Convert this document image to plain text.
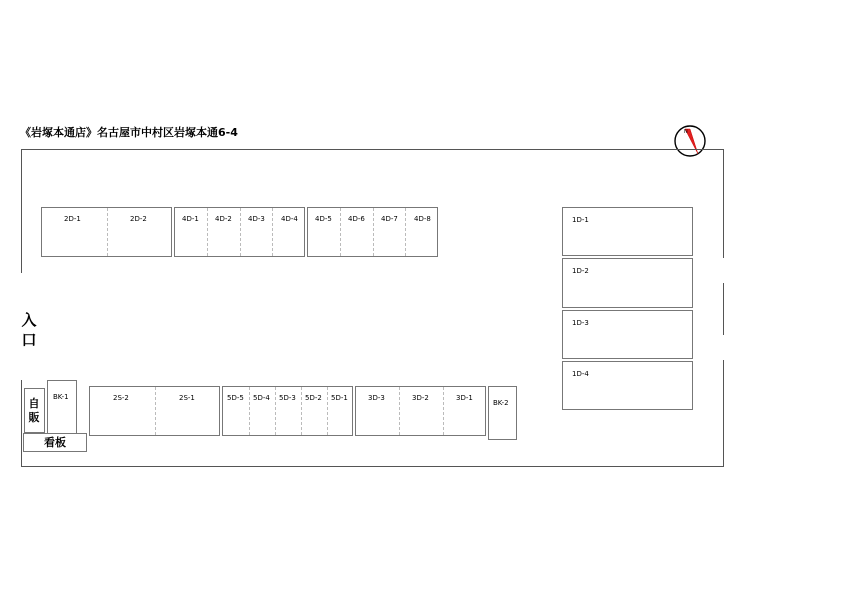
《岩塚本通店》名古屋市中村区岩塚本通6-4	N
入口
2D-1	2D-2	4D-1 4D-2 4D-3 4D-4 4D-5 4D-6 4D-7 4D-8	1D-1
1D-2
1D-3
1D-4
自販
BK-1
看板
2S-2	2S-1	5D-5 5D-4 5D-3 5D-2 5D-1	3D-3	3D-2	3D-1
BK-2
